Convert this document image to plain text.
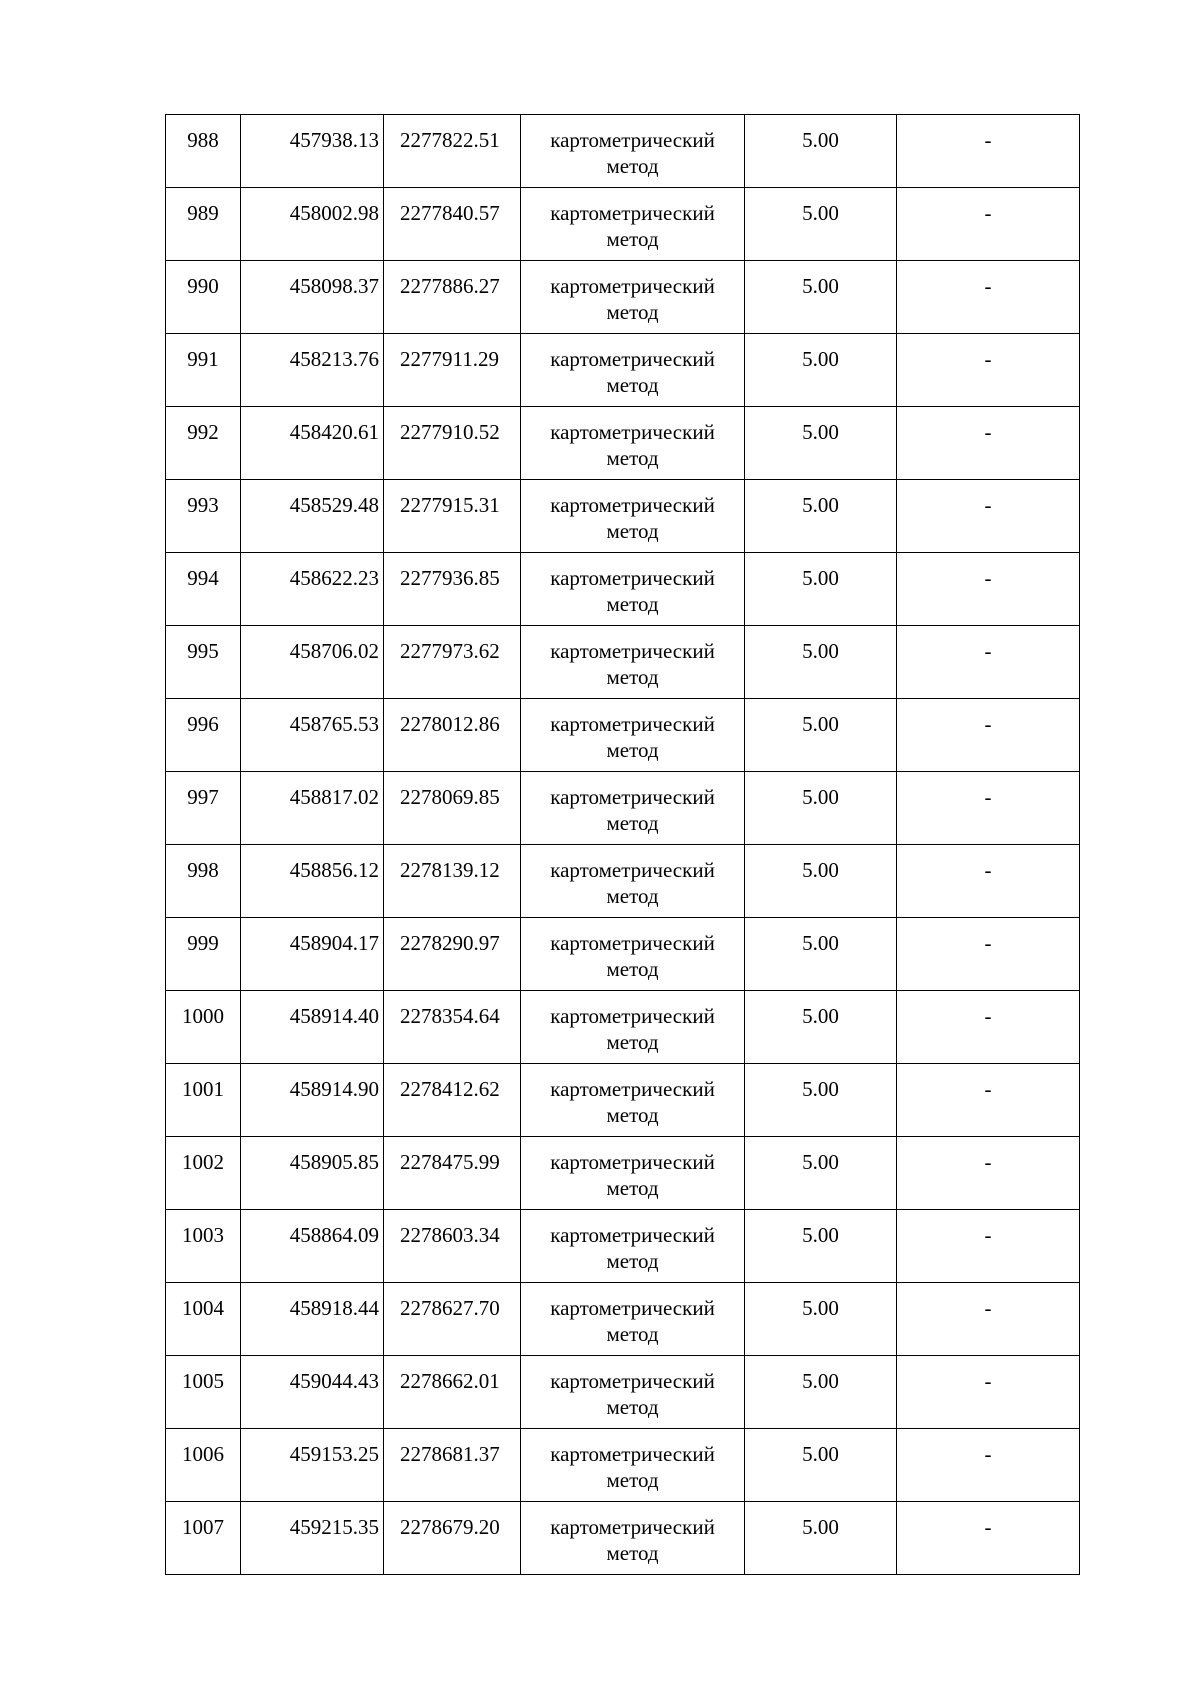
988	457938.13	2277822.51	картометрический метод	5.00	-
989	458002.98	2277840.57	картометрический метод	5.00	-
990	458098.37	2277886.27	картометрический метод	5.00	-
991	458213.76	2277911.29	картометрический метод	5.00	-
992	458420.61	2277910.52	картометрический метод	5.00	-
993	458529.48	2277915.31	картометрический метод	5.00	-
994	458622.23	2277936.85	картометрический метод	5.00	-
995	458706.02	2277973.62	картометрический метод	5.00	-
996	458765.53	2278012.86	картометрический метод	5.00	-
997	458817.02	2278069.85	картометрический метод	5.00	-
998	458856.12	2278139.12	картометрический метод	5.00	-
999	458904.17	2278290.97	картометрический метод	5.00	-
1000	458914.40	2278354.64	картометрический метод	5.00	-
1001	458914.90	2278412.62	картометрический метод	5.00	-
1002	458905.85	2278475.99	картометрический метод	5.00	-
1003	458864.09	2278603.34	картометрический метод	5.00	-
1004	458918.44	2278627.70	картометрический метод	5.00	-
1005	459044.43	2278662.01	картометрический метод	5.00	-
1006	459153.25	2278681.37	картометрический метод	5.00	-
1007	459215.35	2278679.20	картометрический метод	5.00	-
